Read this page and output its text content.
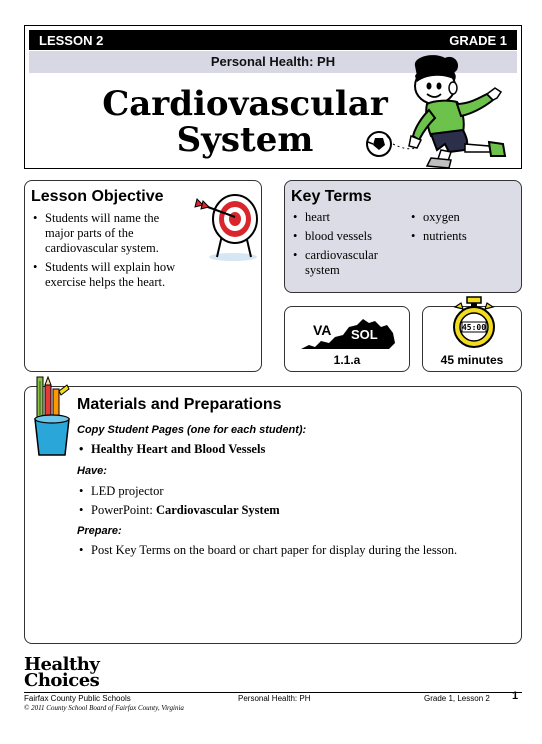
LESSON 2	GRADE 1
Personal Health: PH
Cardiovascular
System
Lesson Objective
• Students will name the major parts of the cardiovascular system.
• Students will explain how exercise helps the heart.
Key Terms
• heart
• blood vessels
• cardiovascular system
• oxygen
• nutrients
VA SOL
1.1.a
45:00
45 minutes
Materials and Preparations
Copy Student Pages (one for each student):
• Healthy Heart and Blood Vessels
Have:
• LED projector
• PowerPoint: Cardiovascular System
Prepare:
• Post Key Terms on the board or chart paper for display during the lesson.
Healthy
Choices
Fairfax County Public Schools
© 2011 County School Board of Fairfax County, Virginia
Personal Health: PH	Grade 1, Lesson 2 1
